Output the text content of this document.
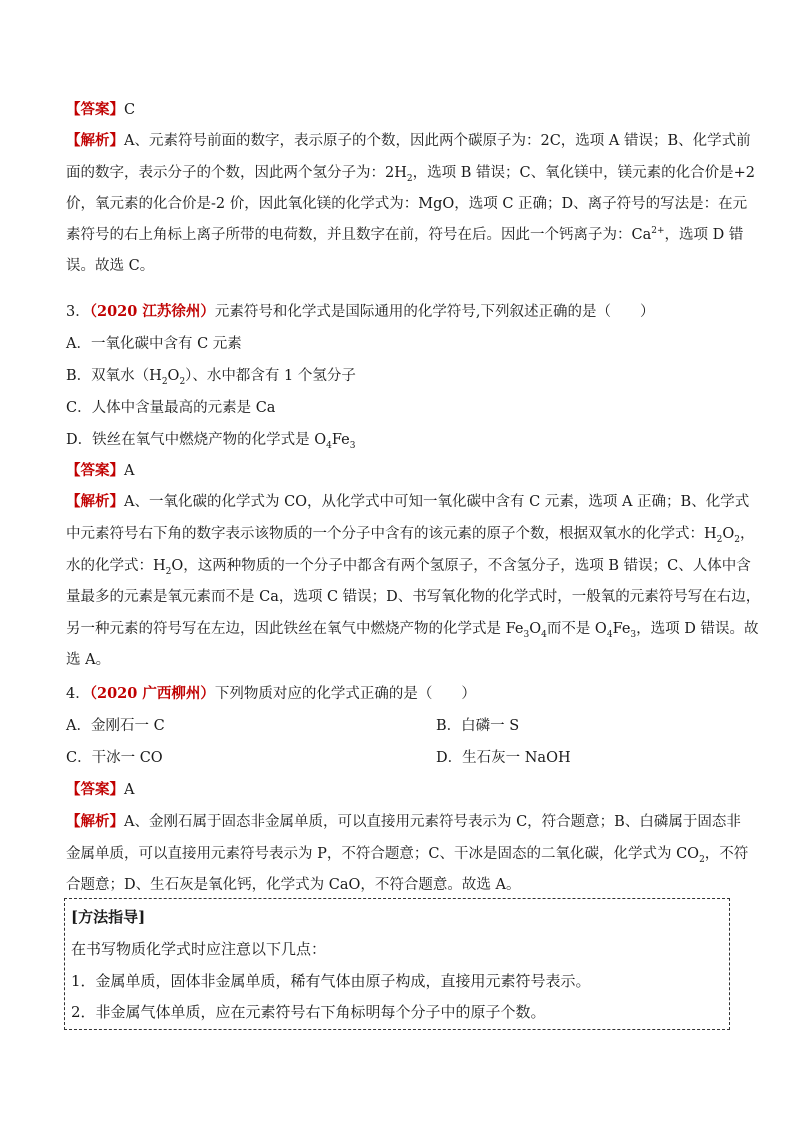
【答案】C
【解析】A、元素符号前面的数字，表示原子的个数，因此两个碳原子为：2C，选项 A 错误；B、化学式前
面的数字，表示分子的个数，因此两个氢分子为：$2H_2$，选项 B 错误；C、氧化镁中，镁元素的化合价是+2
价，氧元素的化合价是-2 价，因此氧化镁的化学式为：MgO，选项 C 正确；D、离子符号的写法是：在元
素符号的右上角标上离子所带的电荷数，并且数字在前，符号在后。因此一个钙离子为：$Ca^{2+}$，选项 D 错
误。故选 C。
3．（2020 江苏徐州）元素符号和化学式是国际通用的化学符号,下列叙述正确的是（　　）
A．一氧化碳中含有 C 元素
B．双氧水$(H_2O_2)$、水中都含有 1 个氢分子
C．人体中含量最高的元素是 Ca
D．铁丝在氧气中燃烧产物的化学式是 $O_4Fe_3$
【答案】A
【解析】A、一氧化碳的化学式为 CO，从化学式中可知一氧化碳中含有 C 元素，选项 A 正确；B、化学式
中元素符号右下角的数字表示该物质的一个分子中含有的该元素的原子个数，根据双氧水的化学式：$H_2O_2$，
水的化学式：$H_2O$，这两种物质的一个分子中都含有两个氢原子，不含氢分子，选项 B 错误；C、人体中含
量最多的元素是氧元素而不是 Ca，选项 C 错误；D、书写氧化物的化学式时，一般氧的元素符号写在右边，
另一种元素的符号写在左边，因此铁丝在氧气中燃烧产物的化学式是 $Fe_3O_4$而不是 $O_4Fe_3$，选项 D 错误。故
选 A。
4．（2020 广西柳州）下列物质对应的化学式正确的是（　　）
A．金刚石一 C	B．白磷一 S
C．干冰一 CO	D．生石灰一 NaOH
【答案】A
【解析】A、金刚石属于固态非金属单质，可以直接用元素符号表示为 C，符合题意；B、白磷属于固态非
金属单质，可以直接用元素符号表示为 P，不符合题意；C、干冰是固态的二氧化碳，化学式为 $CO_2$，不符
合题意；D、生石灰是氧化钙，化学式为 CaO，不符合题意。故选 A。
[方法指导]
在书写物质化学式时应注意以下几点：
1．金属单质，固体非金属单质，稀有气体由原子构成，直接用元素符号表示。
2．非金属气体单质，应在元素符号右下角标明每个分子中的原子个数。
